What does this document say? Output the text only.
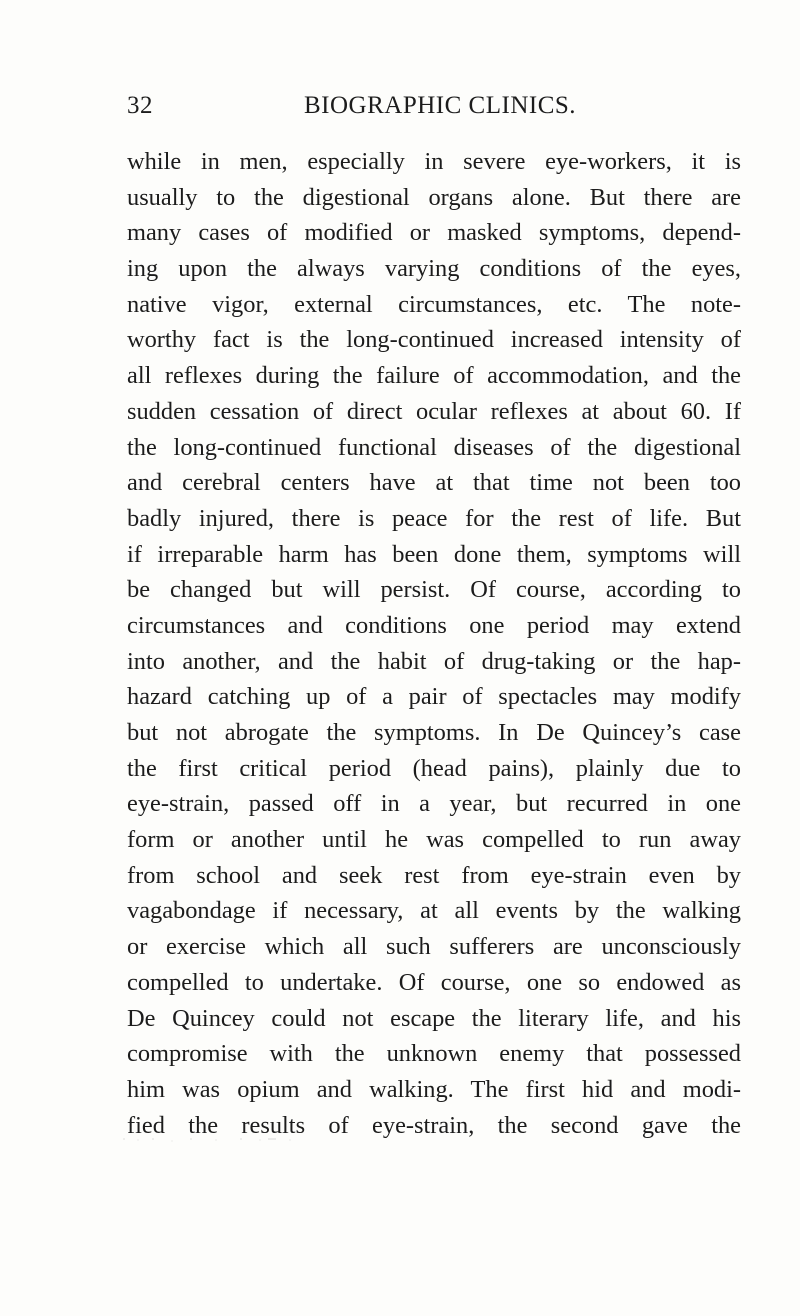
32	BIOGRAPHIC CLINICS.
while in men, especially in severe eye-workers, it is
usually to the digestional organs alone. But there are
many cases of modified or masked symptoms, depend-
ing upon the always varying conditions of the eyes,
native vigor, external circumstances, etc. The note-
worthy fact is the long-continued increased intensity of
all reflexes during the failure of accommodation, and the
sudden cessation of direct ocular reflexes at about 60. If
the long-continued functional diseases of the digestional
and cerebral centers have at that time not been too
badly injured, there is peace for the rest of life. But
if irreparable harm has been done them, symptoms will
be changed but will persist. Of course, according to
circumstances and conditions one period may extend
into another, and the habit of drug-taking or the hap-
hazard catching up of a pair of spectacles may modify
but not abrogate the symptoms. In De Quincey’s case
the first critical period (head pains), plainly due to
eye-strain, passed off in a year, but recurred in one
form or another until he was compelled to run away
from school and seek rest from eye-strain even by
vagabondage if necessary, at all events by the walking
or exercise which all such sufferers are unconsciously
compelled to undertake. Of course, one so endowed as
De Quincey could not escape the literary life, and his
compromise with the unknown enemy that possessed
him was opium and walking. The first hid and modi-
fied the results of eye-strain, the second gave the
